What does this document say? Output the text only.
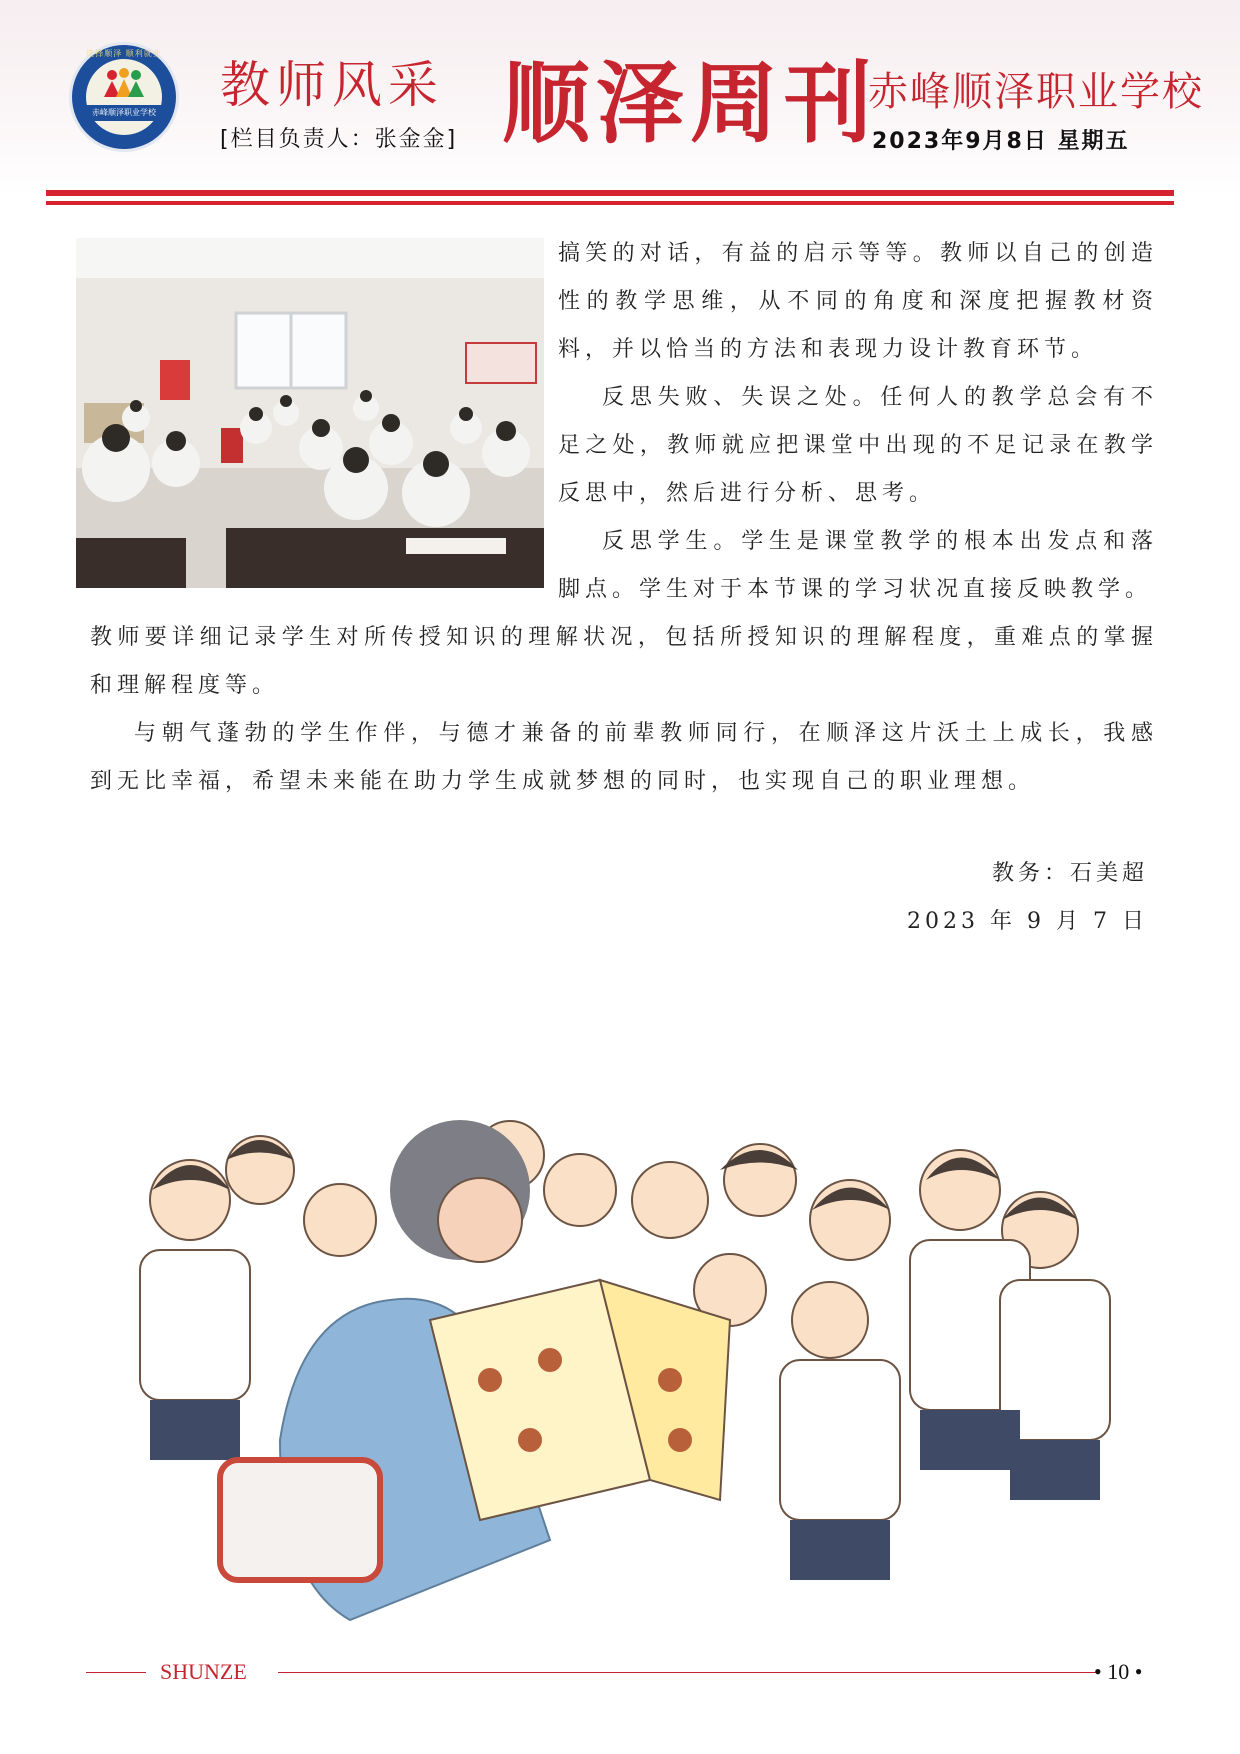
选择顺泽 顺利就业
赤峰顺泽职业学校 教师风采
[栏目负责人：张金金] 顺泽周刊
赤峰顺泽职业学校
2023年9月8日 星期五

搞笑的对话，有益的启示等等。教师以自己的创造性的教学思维，从不同的角度和深度把握教材资料，并以恰当的方法和表现力设计教育环节。

反思失败、失误之处。任何人的教学总会有不足之处，教师就应把课堂中出现的不足记录在教学反思中，然后进行分析、思考。

反思学生。学生是课堂教学的根本出发点和落脚点。学生对于本节课的学习状况直接反映教学。

教师要详细记录学生对所传授知识的理解状况，包括所授知识的理解程度，重难点的掌握和理解程度等。

与朝气蓬勃的学生作伴，与德才兼备的前辈教师同行，在顺泽这片沃土上成长，我感到无比幸福，希望未来能在助力学生成就梦想的同时，也实现自己的职业理想。

教务：石美超
2023 年 9 月 7 日
SHUNZE	• 10 •
